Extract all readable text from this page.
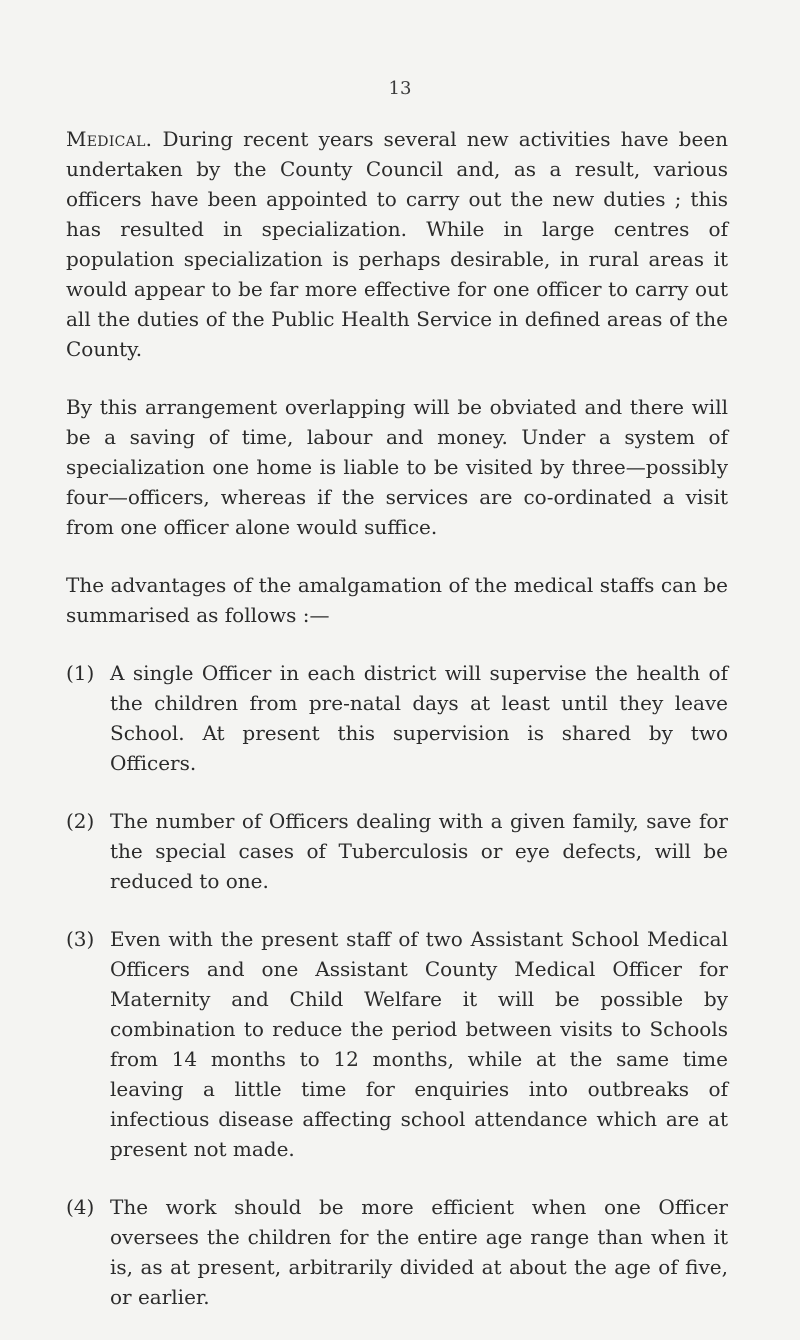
13

Medical. During recent years several new activities have been undertaken by the County Council and, as a result, various officers have been appointed to carry out the new duties ; this has resulted in specialization. While in large centres of population specialization is perhaps desirable, in rural areas it would appear to be far more effective for one officer to carry out all the duties of the Public Health Service in defined areas of the County.

By this arrangement overlapping will be obviated and there will be a saving of time, labour and money. Under a system of specialization one home is liable to be visited by three—possibly four—officers, whereas if the services are co-ordinated a visit from one officer alone would suffice.

The advantages of the amalgamation of the medical staffs can be summarised as follows :—

(1) A single Officer in each district will supervise the health of the children from pre-natal days at least until they leave School. At present this supervision is shared by two Officers.
(2) The number of Officers dealing with a given family, save for the special cases of Tuberculosis or eye defects, will be reduced to one.
(3) Even with the present staff of two Assistant School Medical Officers and one Assistant County Medical Officer for Maternity and Child Welfare it will be possible by combination to reduce the period between visits to Schools from 14 months to 12 months, while at the same time leaving a little time for enquiries into outbreaks of infectious disease affecting school attendance which are at present not made.
(4) The work should be more efficient when one Officer oversees the children for the entire age range than when it is, as at present, arbitrarily divided at about the age of five, or earlier.
